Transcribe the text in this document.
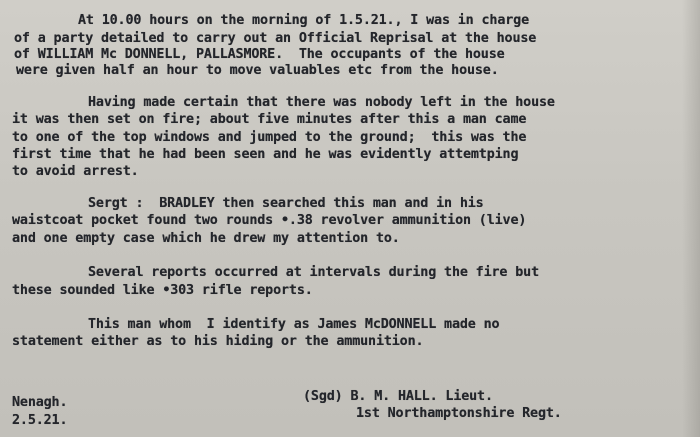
At 10.00 hours on the morning of 1.5.21., I was in charge
of a party detailed to carry out an Official Reprisal at the house
of WILLIAM Mc DONNELL, PALLASMORE.  The occupants of the house
were given half an hour to move valuables etc from the house.
Having made certain that there was nobody left in the house
it was then set on fire; about five minutes after this a man came
to one of the top windows and jumped to the ground;  this was the
first time that he had been seen and he was evidently attemtping
to avoid arrest.
Sergt :  BRADLEY then searched this man and in his
waistcoat pocket found two rounds •.38 revolver ammunition (live)
and one empty case which he drew my attention to.
Several reports occurred at intervals during the fire but
these sounded like •303 rifle reports.
This man whom  I identify as James McDONNELL made no
statement either as to his hiding or the ammunition.
Nenagh.
2.5.21.
(Sgd) B. M. HALL. Lieut.
1st Northamptonshire Regt.
